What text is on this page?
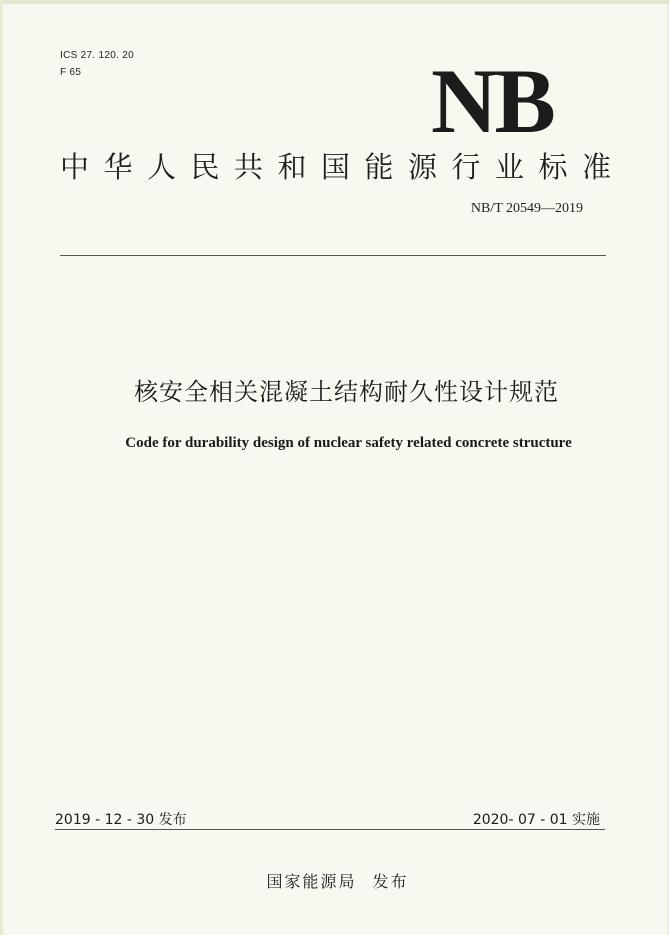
ICS 27. 120. 20
F 65	NB
中华人民共和国能源行业标准
NB/T 20549—2019
核安全相关混凝土结构耐久性设计规范
Code for durability design of nuclear safety related concrete structure
2019 - 12 - 30 发布	2020- 07 - 01 实施
国家能源局 发布
